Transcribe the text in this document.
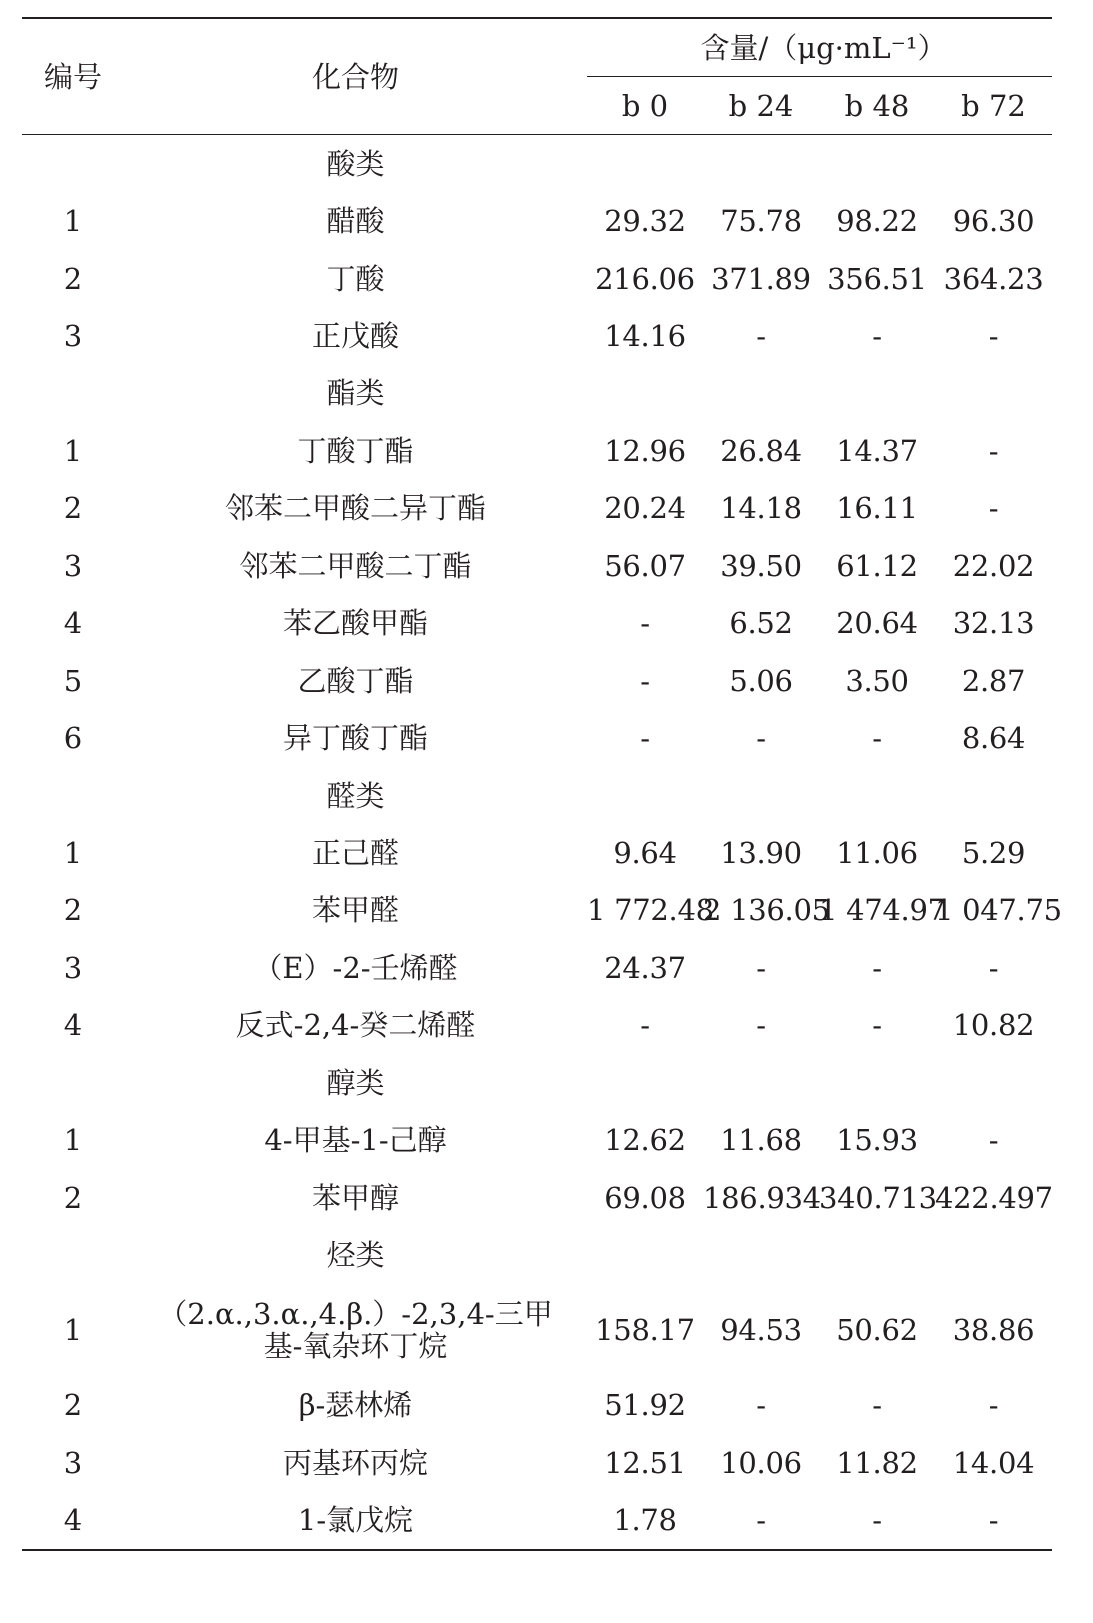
编号	化合物	含量/（μg·mL⁻¹）			
		b 0	b 24	b 48	b 72
	酸类				
1	醋酸	29.32	75.78	98.22	96.30
2	丁酸	216.06	371.89	356.51	364.23
3	正戊酸	14.16	-	-	-
	酯类				
1	丁酸丁酯	12.96	26.84	14.37	-
2	邻苯二甲酸二异丁酯	20.24	14.18	16.11	-
3	邻苯二甲酸二丁酯	56.07	39.50	61.12	22.02
4	苯乙酸甲酯	-	6.52	20.64	32.13
5	乙酸丁酯	-	5.06	3.50	2.87
6	异丁酸丁酯	-	-	-	8.64
	醛类				
1	正己醛	9.64	13.90	11.06	5.29
2	苯甲醛	1 772.48	2 136.05	1 474.97	1 047.75
3	（E）-2-壬烯醛	24.37	-	-	-
4	反式-2,4-癸二烯醛	-	-	-	10.82
	醇类				
1	4-甲基-1-己醇	12.62	11.68	15.93	-
2	苯甲醇	69.08	186.934	340.713	422.497
	烃类				
1	（2.α.,3.α.,4.β.）-2,3,4-三甲基-氧杂环丁烷	158.17	94.53	50.62	38.86
2	β-瑟林烯	51.92	-	-	-
3	丙基环丙烷	12.51	10.06	11.82	14.04
4	1-氯戊烷	1.78	-	-	-
